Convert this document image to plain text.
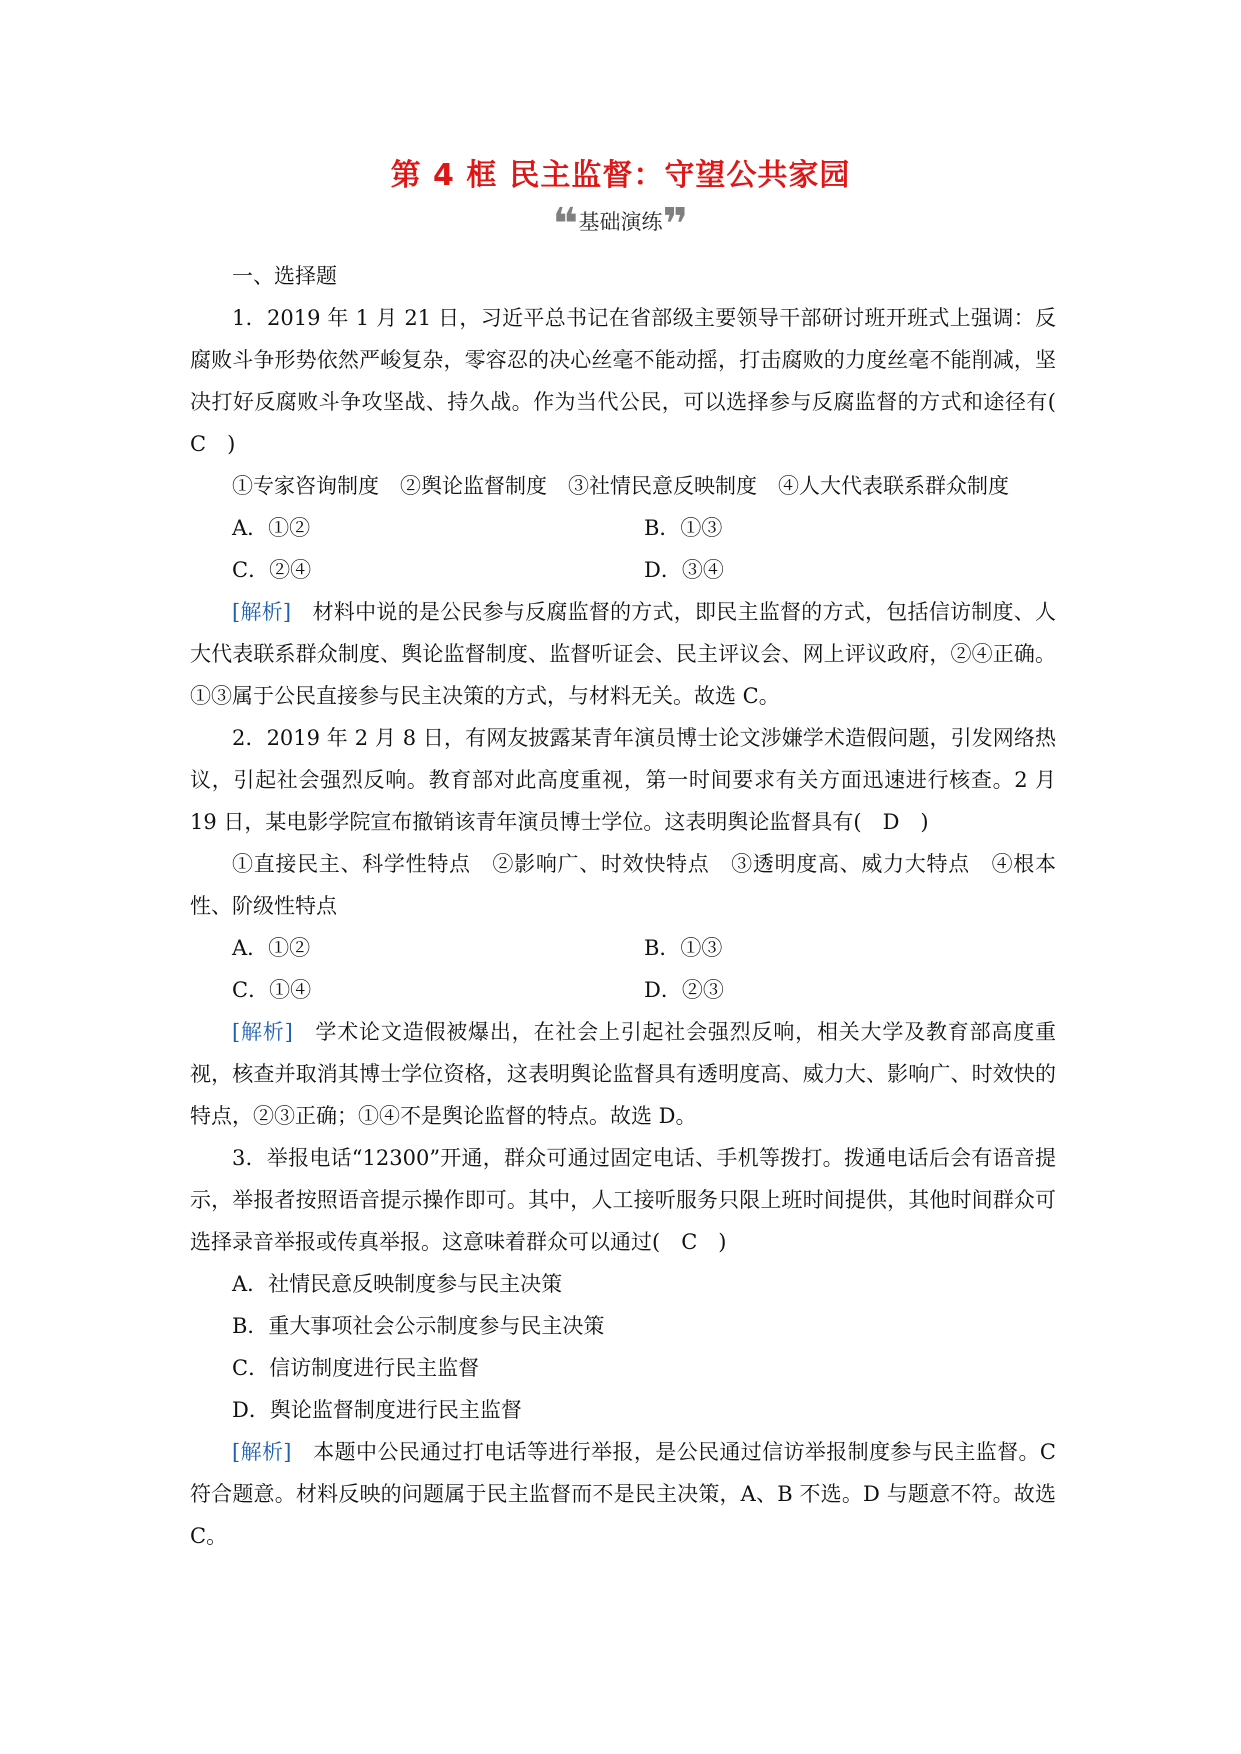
第 4 框 民主监督：守望公共家园
❝基础演练❞

一、选择题

1．2019 年 1 月 21 日，习近平总书记在省部级主要领导干部研讨班开班式上强调：反腐败斗争形势依然严峻复杂，零容忍的决心丝毫不能动摇，打击腐败的力度丝毫不能削减，坚决打好反腐败斗争攻坚战、持久战。作为当代公民，可以选择参与反腐监督的方式和途径有(　C　)

①专家咨询制度　②舆论监督制度　③社情民意反映制度　④人大代表联系群众制度

A．①②	B．①③
C．②④	D．③④

[解析]　材料中说的是公民参与反腐监督的方式，即民主监督的方式，包括信访制度、人大代表联系群众制度、舆论监督制度、监督听证会、民主评议会、网上评议政府，②④正确。①③属于公民直接参与民主决策的方式，与材料无关。故选 C。

2．2019 年 2 月 8 日，有网友披露某青年演员博士论文涉嫌学术造假问题，引发网络热议，引起社会强烈反响。教育部对此高度重视，第一时间要求有关方面迅速进行核查。2 月 19 日，某电影学院宣布撤销该青年演员博士学位。这表明舆论监督具有(　D　)

①直接民主、科学性特点　②影响广、时效快特点　③透明度高、威力大特点　④根本性、阶级性特点

A．①②	B．①③
C．①④	D．②③

[解析]　学术论文造假被爆出，在社会上引起社会强烈反响，相关大学及教育部高度重视，核查并取消其博士学位资格，这表明舆论监督具有透明度高、威力大、影响广、时效快的特点，②③正确；①④不是舆论监督的特点。故选 D。

3．举报电话“12300”开通，群众可通过固定电话、手机等拨打。拨通电话后会有语音提示，举报者按照语音提示操作即可。其中，人工接听服务只限上班时间提供，其他时间群众可选择录音举报或传真举报。这意味着群众可以通过(　C　)

A．社情民意反映制度参与民主决策

B．重大事项社会公示制度参与民主决策

C．信访制度进行民主监督

D．舆论监督制度进行民主监督

[解析]　本题中公民通过打电话等进行举报，是公民通过信访举报制度参与民主监督。C 符合题意。材料反映的问题属于民主监督而不是民主决策，A、B 不选。D 与题意不符。故选 C。
